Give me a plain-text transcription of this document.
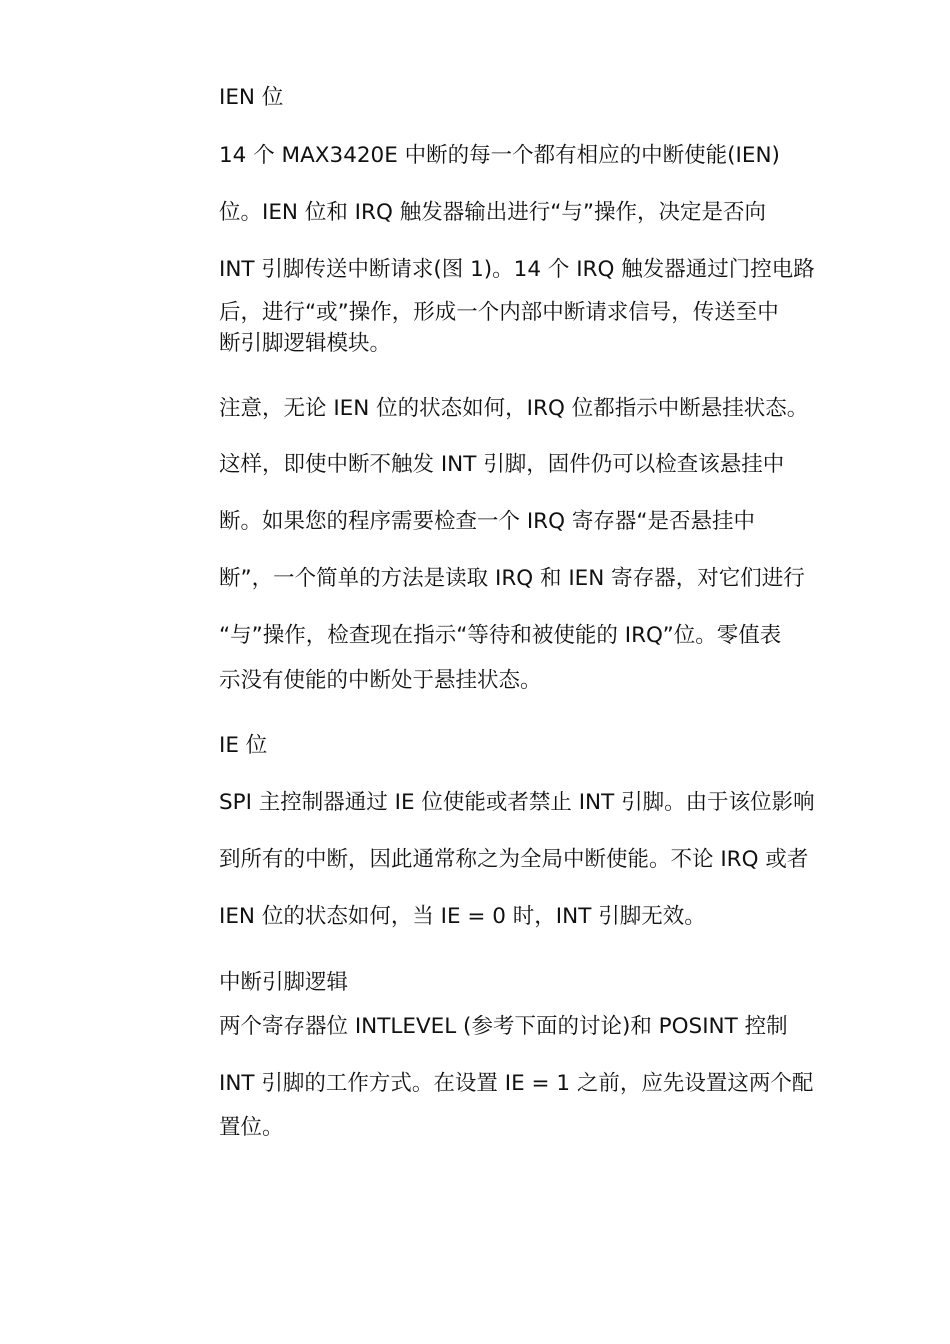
IEN 位
14 个 MAX3420E 中断的每一个都有相应的中断使能(IEN)
位。IEN 位和 IRQ 触发器输出进行“与”操作，决定是否向
INT 引脚传送中断请求(图 1)。14 个 IRQ 触发器通过门控电路
后，进行“或”操作，形成一个内部中断请求信号，传送至中
断引脚逻辑模块。
注意，无论 IEN 位的状态如何，IRQ 位都指示中断悬挂状态。
这样，即使中断不触发 INT 引脚，固件仍可以检查该悬挂中
断。如果您的程序需要检查一个 IRQ 寄存器“是否悬挂中
断”，一个简单的方法是读取 IRQ 和 IEN 寄存器，对它们进行
“与”操作，检查现在指示“等待和被使能的 IRQ”位。零值表
示没有使能的中断处于悬挂状态。
IE 位
SPI 主控制器通过 IE 位使能或者禁止 INT 引脚。由于该位影响
到所有的中断，因此通常称之为全局中断使能。不论 IRQ 或者
IEN 位的状态如何，当 IE = 0 时，INT 引脚无效。
中断引脚逻辑
两个寄存器位 INTLEVEL (参考下面的讨论)和 POSINT 控制
INT 引脚的工作方式。在设置 IE = 1 之前，应先设置这两个配
置位。
